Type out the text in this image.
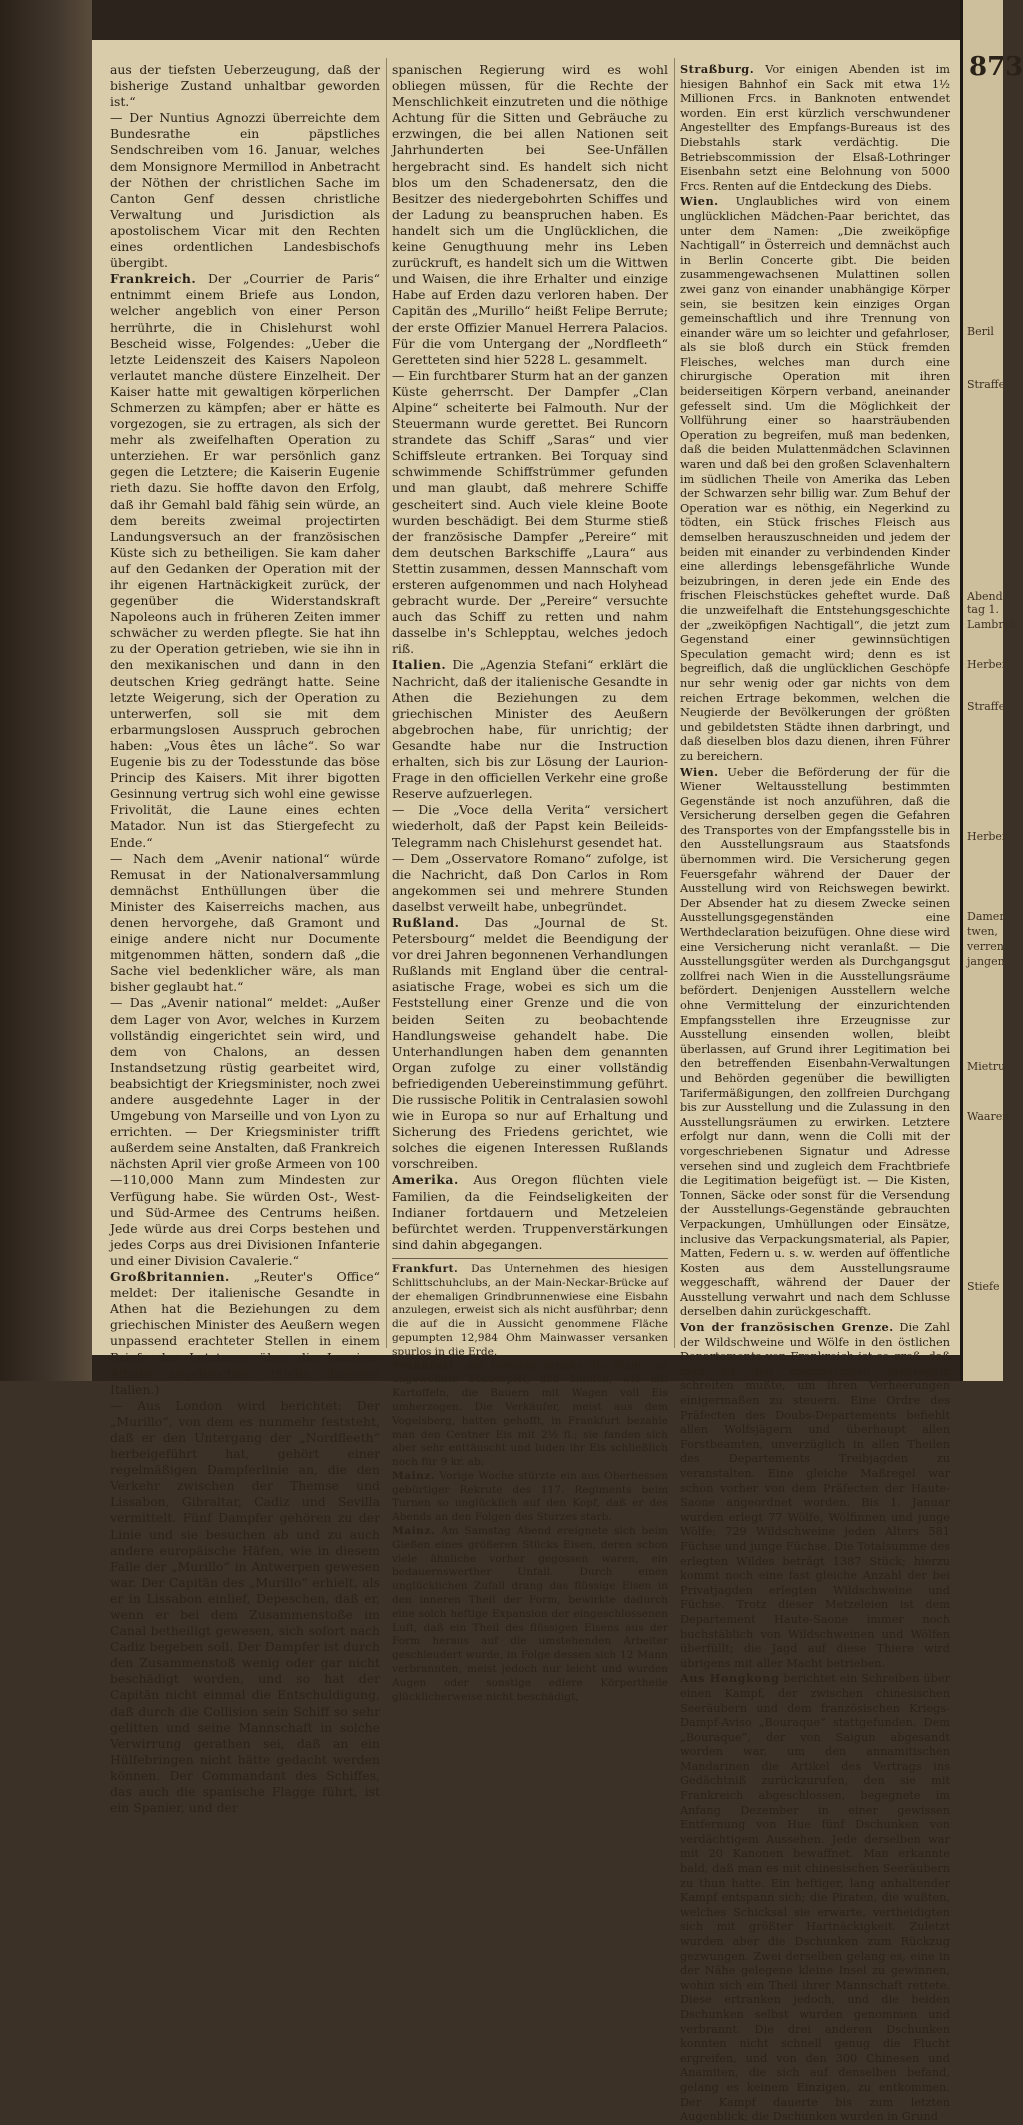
aus der tiefsten Ueberzeugung, daß der bisherige Zustand unhaltbar geworden ist.“

— Der Nuntius Agnozzi überreichte dem Bundesrathe ein päpstliches Sendschreiben vom 16. Januar, welches dem Monsignore Mermillod in Anbetracht der Nöthen der christlichen Sache im Canton Genf dessen christliche Verwaltung und Jurisdiction als apostolischem Vicar mit den Rechten eines ordentlichen Landesbischofs übergibt.

Frankreich. Der „Courrier de Paris“ entnimmt einem Briefe aus London, welcher angeblich von einer Person herrührte, die in Chislehurst wohl Bescheid wisse, Folgendes: „Ueber die letzte Leidenszeit des Kaisers Napoleon verlautet manche düstere Einzelheit. Der Kaiser hatte mit gewaltigen körperlichen Schmerzen zu kämpfen; aber er hätte es vorgezogen, sie zu ertragen, als sich der mehr als zweifelhaften Operation zu unterziehen. Er war persönlich ganz gegen die Letztere; die Kaiserin Eugenie rieth dazu. Sie hoffte davon den Erfolg, daß ihr Gemahl bald fähig sein würde, an dem bereits zweimal projectirten Landungsversuch an der französischen Küste sich zu betheiligen. Sie kam daher auf den Gedanken der Operation mit der ihr eigenen Hartnäckigkeit zurück, der gegenüber die Widerstandskraft Napoleons auch in früheren Zeiten immer schwächer zu werden pflegte. Sie hat ihn zu der Operation getrieben, wie sie ihn in den mexikanischen und dann in den deutschen Krieg gedrängt hatte. Seine letzte Weigerung, sich der Operation zu unterwerfen, soll sie mit dem erbarmungslosen Ausspruch gebrochen haben: „Vous êtes un lâche“. So war Eugenie bis zu der Todesstunde das böse Princip des Kaisers. Mit ihrer bigotten Gesinnung vertrug sich wohl eine gewisse Frivolität, die Laune eines echten Matador. Nun ist das Stiergefecht zu Ende.“

— Nach dem „Avenir national“ würde Remusat in der Nationalversammlung demnächst Enthüllungen über die Minister des Kaiserreichs machen, aus denen hervorgehe, daß Gramont und einige andere nicht nur Documente mitgenommen hätten, sondern daß „die Sache viel bedenklicher wäre, als man bisher geglaubt hat.“

— Das „Avenir national“ meldet: „Außer dem Lager von Avor, welches in Kurzem vollständig eingerichtet sein wird, und dem von Chalons, an dessen Instandsetzung rüstig gearbeitet wird, beabsichtigt der Kriegsminister, noch zwei andere ausgedehnte Lager in der Umgebung von Marseille und von Lyon zu errichten. — Der Kriegsminister trifft außerdem seine Anstalten, daß Frankreich nächsten April vier große Armeen von 100—110,000 Mann zum Mindesten zur Verfügung habe. Sie würden Ost-, West- und Süd-Armee des Centrums heißen. Jede würde aus drei Corps bestehen und jedes Corps aus drei Divisionen Infanterie und einer Division Cavalerie.“

Großbritannien. „Reuter's Office“ meldet: Der italienische Gesandte in Athen hat die Beziehungen zu dem griechischen Minister des Aeußern wegen unpassend erachteter Stellen in einem Briefe des Letzteren über die Laurion-Affaire abgebrochen. (Siehe dagegen Italien.)

— Aus London wird berichtet: Der „Murillo“, von dem es nunmehr feststeht, daß er den Untergang der „Nordfleeth“ herbeigeführt hat, gehört einer regelmäßigen Dampferlinie an, die den Verkehr zwischen der Themse und Lissabon, Gibraltar, Cadiz und Sevilla vermittelt. Fünf Dampfer gehören zu der Linie und sie besuchen ab und zu auch andere europäische Häfen, wie in diesem Falle der „Murillo“ in Antwerpen gewesen war. Der Capitän des „Murillo“ erhielt, als er in Lissabon einlief, Depeschen, daß er, wenn er bei dem Zusammenstoße im Canal betheiligt gewesen, sich sofort nach Cadiz begeben soll. Der Dampfer ist durch den Zusammenstoß wenig oder gar nicht beschädigt worden, und so hat der Capitän nicht einmal die Entschuldigung, daß durch die Collision sein Schiff so sehr gelitten und seine Mannschaft in solche Verwirrung gerathen sei, daß an ein Hülfebringen nicht hätte gedacht werden können. Der Commandant des Schiffes, das auch die spanische Flagge führt, ist ein Spanier, und der

spanischen Regierung wird es wohl obliegen müssen, für die Rechte der Menschlichkeit einzutreten und die nöthige Achtung für die Sitten und Gebräuche zu erzwingen, die bei allen Nationen seit Jahrhunderten bei See-Unfällen hergebracht sind. Es handelt sich nicht blos um den Schadenersatz, den die Besitzer des niedergebohrten Schiffes und der Ladung zu beanspruchen haben. Es handelt sich um die Unglücklichen, die keine Genugthuung mehr ins Leben zurückruft, es handelt sich um die Wittwen und Waisen, die ihre Erhalter und einzige Habe auf Erden dazu verloren haben. Der Capitän des „Murillo“ heißt Felipe Berrute; der erste Offizier Manuel Herrera Palacios. Für die vom Untergang der „Nordfleeth“ Geretteten sind hier 5228 L. gesammelt.

— Ein furchtbarer Sturm hat an der ganzen Küste geherrscht. Der Dampfer „Clan Alpine“ scheiterte bei Falmouth. Nur der Steuermann wurde gerettet. Bei Runcorn strandete das Schiff „Saras“ und vier Schiffsleute ertranken. Bei Torquay sind schwimmende Schiffstrümmer gefunden und man glaubt, daß mehrere Schiffe gescheitert sind. Auch viele kleine Boote wurden beschädigt. Bei dem Sturme stieß der französische Dampfer „Pereire“ mit dem deutschen Barkschiffe „Laura“ aus Stettin zusammen, dessen Mannschaft vom ersteren aufgenommen und nach Holyhead gebracht wurde. Der „Pereire“ versuchte auch das Schiff zu retten und nahm dasselbe in's Schlepptau, welches jedoch riß.

Italien. Die „Agenzia Stefani“ erklärt die Nachricht, daß der italienische Gesandte in Athen die Beziehungen zu dem griechischen Minister des Aeußern abgebrochen habe, für unrichtig; der Gesandte habe nur die Instruction erhalten, sich bis zur Lösung der Laurion-Frage in den officiellen Verkehr eine große Reserve aufzuerlegen.

— Die „Voce della Verita“ versichert wiederholt, daß der Papst kein Beileids-Telegramm nach Chislehurst gesendet hat.

— Dem „Osservatore Romano“ zufolge, ist die Nachricht, daß Don Carlos in Rom angekommen sei und mehrere Stunden daselbst verweilt habe, unbegründet.

Rußland. Das „Journal de St. Petersbourg“ meldet die Beendigung der vor drei Jahren begonnenen Verhandlungen Rußlands mit England über die central-asiatische Frage, wobei es sich um die Feststellung einer Grenze und die von beiden Seiten zu beobachtende Handlungsweise gehandelt habe. Die Unterhandlungen haben dem genannten Organ zufolge zu einer vollständig befriedigenden Uebereinstimmung geführt. Die russische Politik in Centralasien sowohl wie in Europa so nur auf Erhaltung und Sicherung des Friedens gerichtet, wie solches die eigenen Interessen Rußlands vorschreiben.

Amerika. Aus Oregon flüchten viele Familien, da die Feindseligkeiten der Indianer fortdauern und Metzeleien befürchtet werden. Truppenverstärkungen sind dahin abgegangen.

Frankfurt. Das Unternehmen des hiesigen Schlittschuhclubs, an der Main-Neckar-Brücke auf der ehemaligen Grindbrunnenwiese eine Eisbahn anzulegen, erweist sich als nicht ausführbar; denn die auf die in Aussicht genommene Fläche gepumpten 12,984 Ohm Mainwasser versanken spurlos in die Erde.

Frankfurt. Am Samstag erlebte die Stadt das ungewohnte Schauspiel, daß ähnlich, wie mit Kartoffeln, die Bauern mit Wagen voll Eis umherzogen. Die Verkäufer, meist aus dem Vogelsberg, hatten gehofft, in Frankfurt bezahle man den Centner Eis mit 2½ fl.; sie fanden sich aber sehr enttäuscht und luden ihr Eis schließlich noch für 9 kr. ab.

Mainz. Vorige Woche stürzte ein aus Oberhessen gebürtiger Rekrute des 117. Regiments beim Turnen so unglücklich auf den Kopf, daß er des Abends an den Folgen des Sturzes starb.

Mainz. Am Samstag Abend ereignete sich beim Gießen eines größeren Stücks Eisen, deren schon viele ähnliche vorher gegossen waren, ein bedauernswerther Unfall. Durch einen unglücklichen Zufall drang das flüssige Eisen in den inneren Theil der Form, bewirkte dadurch eine solch heftige Expansion der eingeschlossenen Luft, daß ein Theil des flüssigen Eisens aus der Form heraus auf die umstehenden Arbeiter geschleudert wurde, in Folge dessen sich 12 Mann verbrannten, meist jedoch nur leicht und wurden Augen oder sonstige edlere Körpertheile glücklicherweise nicht beschädigt,

Straßburg. Vor einigen Abenden ist im hiesigen Bahnhof ein Sack mit etwa 1½ Millionen Frcs. in Banknoten entwendet worden. Ein erst kürzlich verschwundener Angestellter des Empfangs-Bureaus ist des Diebstahls stark verdächtig. Die Betriebscommission der Elsaß-Lothringer Eisenbahn setzt eine Belohnung von 5000 Frcs. Renten auf die Entdeckung des Diebs.

Wien. Unglaubliches wird von einem unglücklichen Mädchen-Paar berichtet, das unter dem Namen: „Die zweiköpfige Nachtigall“ in Österreich und demnächst auch in Berlin Concerte gibt. Die beiden zusammengewachsenen Mulattinen sollen zwei ganz von einander unabhängige Körper sein, sie besitzen kein einziges Organ gemeinschaftlich und ihre Trennung von einander wäre um so leichter und gefahrloser, als sie bloß durch ein Stück fremden Fleisches, welches man durch eine chirurgische Operation mit ihren beiderseitigen Körpern verband, aneinander gefesselt sind. Um die Möglichkeit der Vollführung einer so haarsträubenden Operation zu begreifen, muß man bedenken, daß die beiden Mulattenmädchen Sclavinnen waren und daß bei den großen Sclavenhaltern im südlichen Theile von Amerika das Leben der Schwarzen sehr billig war. Zum Behuf der Operation war es nöthig, ein Negerkind zu tödten, ein Stück frisches Fleisch aus demselben herauszuschneiden und jedem der beiden mit einander zu verbindenden Kinder eine allerdings lebensgefährliche Wunde beizubringen, in deren jede ein Ende des frischen Fleischstückes geheftet wurde. Daß die unzweifelhaft die Entstehungsgeschichte der „zweiköpfigen Nachtigall“, die jetzt zum Gegenstand einer gewinnsüchtigen Speculation gemacht wird; denn es ist begreiflich, daß die unglücklichen Geschöpfe nur sehr wenig oder gar nichts von dem reichen Ertrage bekommen, welchen die Neugierde der Bevölkerungen der größten und gebildetsten Städte ihnen darbringt, und daß dieselben blos dazu dienen, ihren Führer zu bereichern.

Wien. Ueber die Beförderung der für die Wiener Weltausstellung bestimmten Gegenstände ist noch anzuführen, daß die Versicherung derselben gegen die Gefahren des Transportes von der Empfangsstelle bis in den Ausstellungsraum aus Staatsfonds übernommen wird. Die Versicherung gegen Feuersgefahr während der Dauer der Ausstellung wird von Reichswegen bewirkt. Der Absender hat zu diesem Zwecke seinen Ausstellungsgegenständen eine Werthdeclaration beizufügen. Ohne diese wird eine Versicherung nicht veranlaßt. — Die Ausstellungsgüter werden als Durchgangsgut zollfrei nach Wien in die Ausstellungsräume befördert. Denjenigen Ausstellern welche ohne Vermittelung der einzurichtenden Empfangsstellen ihre Erzeugnisse zur Ausstellung einsenden wollen, bleibt überlassen, auf Grund ihrer Legitimation bei den betreffenden Eisenbahn-Verwaltungen und Behörden gegenüber die bewilligten Tarifermäßigungen, den zollfreien Durchgang bis zur Ausstellung und die Zulassung in den Ausstellungsräumen zu erwirken. Letztere erfolgt nur dann, wenn die Colli mit der vorgeschriebenen Signatur und Adresse versehen sind und zugleich dem Frachtbriefe die Legitimation beigefügt ist. — Die Kisten, Tonnen, Säcke oder sonst für die Versendung der Ausstellungs-Gegenstände gebrauchten Verpackungen, Umhüllungen oder Einsätze, inclusive das Verpackungsmaterial, als Papier, Matten, Federn u. s. w. werden auf öffentliche Kosten aus dem Ausstellungsraume weggeschafft, während der Dauer der Ausstellung verwahrt und nach dem Schlusse derselben dahin zurückgeschafft.

Von der französischen Grenze. Die Zahl der Wildschweine und Wölfe in den östlichen Departements von Frankreich ist so groß, daß man zu den energischsten Maßregeln schreiten mußte, um ihren Verheerungen einigermaßen zu steuern. Eine Ordre des Präfecten des Doubs-Departements befiehlt allen Wolfsjägern und überhaupt allen Forstbeamten, unverzüglich in allen Theilen des Departements Treibjagden zu veranstalten. Eine gleiche Maßregel war schon vorher von dem Präfecten der Haute-Saone angeordnet worden. Bis 1. Januar wurden erlegt 77 Wölfe, Wölfinnen und junge Wölfe; 729 Wildschweine jeden Alters 581 Füchse und junge Füchse. Die Totalsumme des erlegten Wildes beträgt 1387 Stück; hierzu kommt noch eine fast gleiche Anzahl der bei Privatjagden erlegten Wildschweine und Füchse. Trotz dieser Metzeleien ist dem Departement Haute-Saone immer noch buchstäblich von Wildschweinen und Wölfen überfüllt; die Jagd auf diese Thiere wird übrigens mit aller Macht betrieben.

Aus Hongkong berichtet ein Schreiben über einen Kampf, der zwischen chinesischen Seeräubern und dem französischen Kriegs-Dampf-Aviso „Bouraque“ stattgefunden. Dem „Bouraque“, der von Saigun abgesandt worden war, um den annamitischen Mandarinen die Artikel des Vertrags ins Gedächtniß zurückzurufen, den sie mit Frankreich abgeschlossen, begegnete im Anfang Dezember in einer gewissen Entfernung von Hue fünf Dschunken von verdächtigem Aussehen. Jede derselben war mit 20 Kanonen bewaffnet. Man erkannte bald, daß man es mit chinesischen Seeräubern zu thun hatte. Ein heftiger, lang anhaltender Kampf entspann sich; die Piraten, die wußten, welches Schicksal sie erwarte, vertheidigten sich mit größter Hartnäckigkeit. Zuletzt wurden aber die Dschunken zum Rückzug gezwungen. Zwei derselben gelang es, eine in der Nähe gelegene kleine Insel zu gewinnen, wohin sich ein Theil ihrer Mannschaft rettete. Diese ertranken jedoch, und die beiden Dschunken selbst wurden genommen und verbrannt. Die drei anderen Dschunken konnten nicht schnell genug die Flucht ergreifen, und von den 300 Chinesen und Anamiten, die sich auf denselben befand, gelang es keinem Einzigen, zu entkommen. Der Kampf dauerte bis zum letzten Augenblick; die Dschunken wurden in Grund

873
Beril
Straffe
Abend
tag 1.
Lambreh
Herbei
Straffe
Herbei
Damer,
twen,
verren
jangen
Mietru
Waaren
Stiefe
